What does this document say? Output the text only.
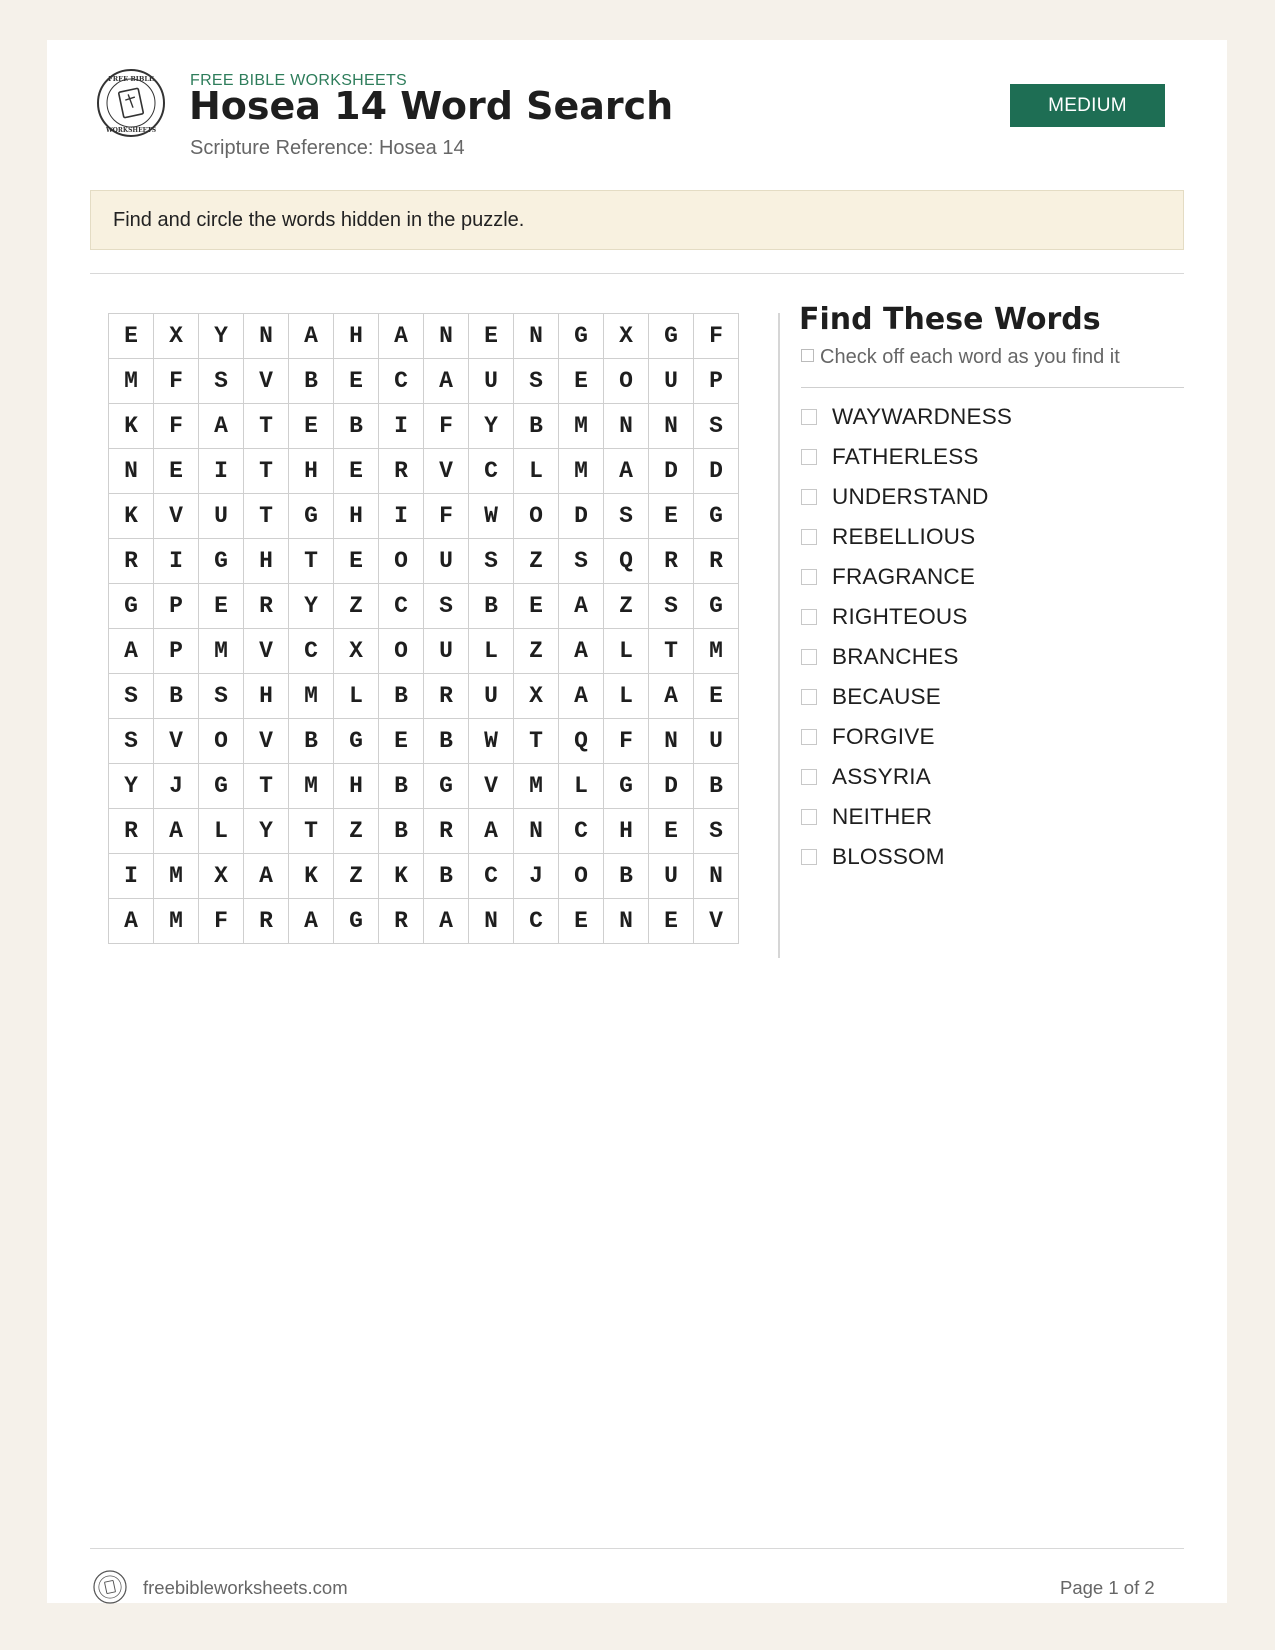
FREE BIBLE
WORKSHEETS
FREE BIBLE WORKSHEETS
Hosea 14 Word Search
Scripture Reference: Hosea 14
MEDIUM
Find and circle the words hidden in the puzzle.
E	X	Y	N	A	H	A	N	E	N	G	X	G	F
M	F	S	V	B	E	C	A	U	S	E	O	U	P
K	F	A	T	E	B	I	F	Y	B	M	N	N	S
N	E	I	T	H	E	R	V	C	L	M	A	D	D
K	V	U	T	G	H	I	F	W	O	D	S	E	G
R	I	G	H	T	E	O	U	S	Z	S	Q	R	R
G	P	E	R	Y	Z	C	S	B	E	A	Z	S	G
A	P	M	V	C	X	O	U	L	Z	A	L	T	M
S	B	S	H	M	L	B	R	U	X	A	L	A	E
S	V	O	V	B	G	E	B	W	T	Q	F	N	U
Y	J	G	T	M	H	B	G	V	M	L	G	D	B
R	A	L	Y	T	Z	B	R	A	N	C	H	E	S
I	M	X	A	K	Z	K	B	C	J	O	B	U	N
A	M	F	R	A	G	R	A	N	C	E	N	E	V
Find These Words
Check off each word as you find it
WAYWARDNESS
FATHERLESS
UNDERSTAND
REBELLIOUS
FRAGRANCE
RIGHTEOUS
BRANCHES
BECAUSE
FORGIVE
ASSYRIA
NEITHER
BLOSSOM
freebibleworksheets.com	Page 1 of 2
